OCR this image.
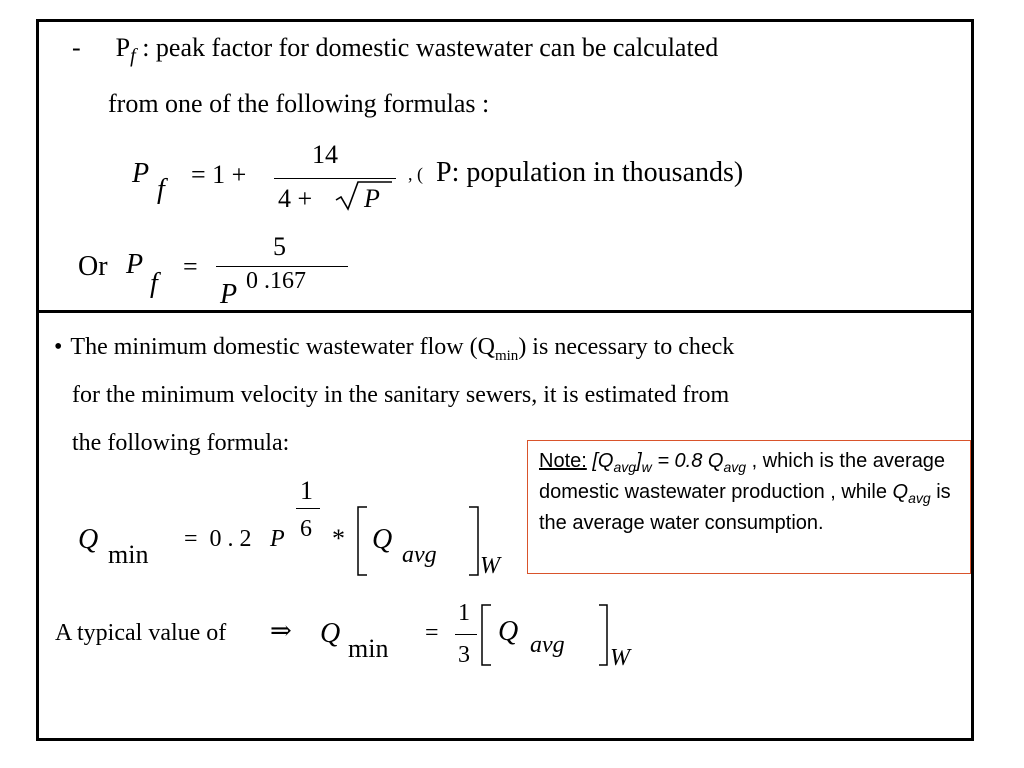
- $P_f$ : peak factor for domestic wastewater can be calculated
from one of the following formulas :
P
f = 1 +
14
4 + P
, ( P: population in thousands)
Or P
f
=
5
P 0 .167
• The minimum domestic wastewater flow $(Q_{min})$ is necessary to check
for the minimum velocity in the sanitary sewers, it is estimated from
the following formula:
Q min
=  0 . 2 P
1
6 * Q avg W
A typical value of ⇒ Q min
=
1
3
Q avg W
Note: $[Q_{avg}]_w = 0.8$ $Q_{avg}$ , which is the average domestic wastewater production , while $Q_{avg}$ is the average water consumption.
